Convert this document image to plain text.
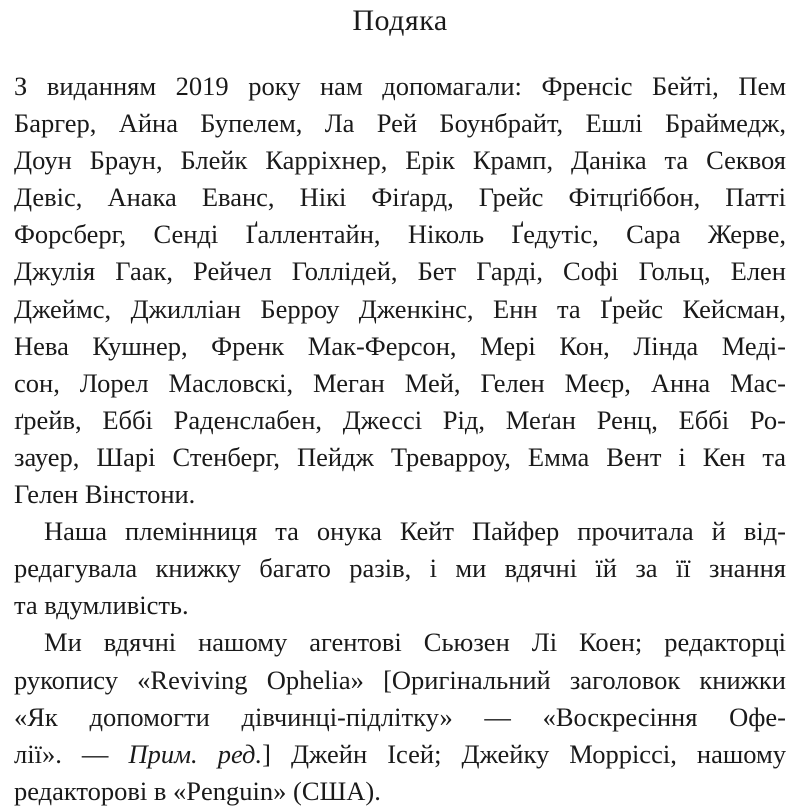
Подяка
З виданням 2019 року нам допомагали: Френсіс Бейті, Пем
Баргер, Айна Бупелем, Ла Рей Боунбрайт, Ешлі Браймедж,
Доун Браун, Блейк Карріхнер, Ерік Крамп, Даніка та Секвоя
Девіс, Анака Еванс, Нікі Фіґард, Грейс Фітцґіббон, Патті
Форсберг, Сенді Ґаллентайн, Ніколь Ґедутіс, Сара Жерве,
Джулія Гаак, Рейчел Голлідей, Бет Гарді, Софі Гольц, Елен
Джеймс, Джилліан Берроу Дженкінс, Енн та Ґрейс Кейсман,
Нева Кушнер, Френк Мак-Ферсон, Мері Кон, Лінда Меді-
сон, Лорел Масловскі, Меган Мей, Гелен Меєр, Анна Мас-
ґрейв, Еббі Раденслабен, Джессі Рід, Меґан Ренц, Еббі Ро-
зауер, Шарі Стенберг, Пейдж Треварроу, Емма Вент і Кен та
Гелен Вінстони.
Наша племінниця та онука Кейт Пайфер прочитала й від-
редагувала книжку багато разів, і ми вдячні їй за її знання
та вдумливість.
Ми вдячні нашому агентові Сьюзен Лі Коен; редакторці
рукопису «Reviving Ophelia» [Оригінальний заголовок книжки
«Як допомогти дівчинці-підлітку» — «Воскресіння Офе-
лії». — Прим. ред.] Джейн Ісей; Джейку Морріссі, нашому
редакторові в «Penguin» (США).
